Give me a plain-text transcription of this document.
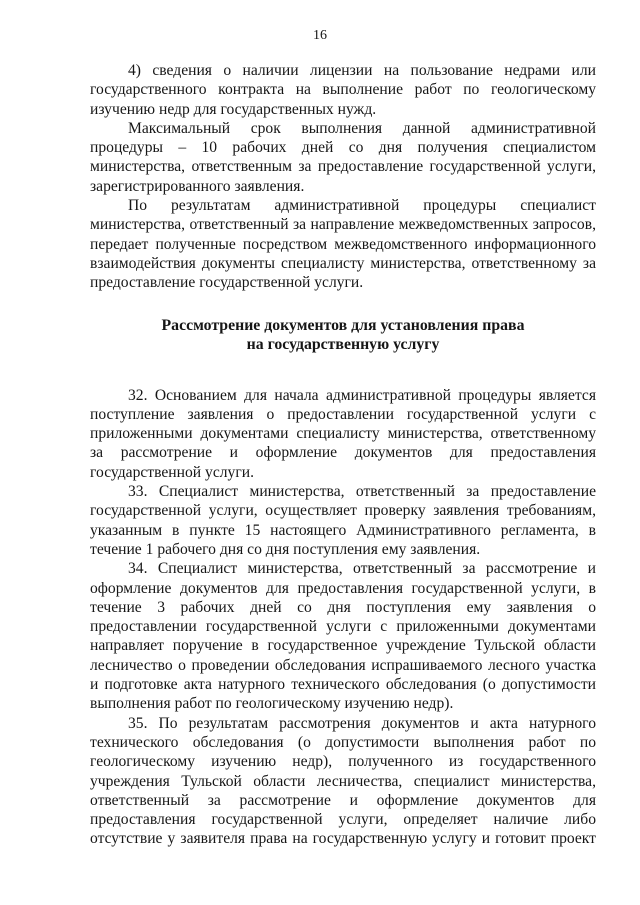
16

4) сведения о наличии лицензии на пользование недрами или государственного контракта на выполнение работ по геологическому изучению недр для государственных нужд.

Максимальный срок выполнения данной административной процедуры – 10 рабочих дней со дня получения специалистом министерства, ответственным за предоставление государственной услуги, зарегистрированного заявления.

По результатам административной процедуры специалист министерства, ответственный за направление межведомственных запросов, передает полученные посредством межведомственного информационного взаимодействия документы специалисту министерства, ответственному за предоставление государственной услуги.

Рассмотрение документов для установления права
на государственную услугу

32. Основанием для начала административной процедуры является поступление заявления о предоставлении государственной услуги с приложенными документами специалисту министерства, ответственному за рассмотрение и оформление документов для предоставления государственной услуги.

33. Специалист министерства, ответственный за предоставление государственной услуги, осуществляет проверку заявления требованиям, указанным в пункте 15 настоящего Административного регламента, в течение 1 рабочего дня со дня поступления ему заявления.

34. Специалист министерства, ответственный за рассмотрение и оформление документов для предоставления государственной услуги, в течение 3 рабочих дней со дня поступления ему заявления о предоставлении государственной услуги с приложенными документами направляет поручение в государственное учреждение Тульской области лесничество о проведении обследования испрашиваемого лесного участка и подготовке акта натурного технического обследования (о допустимости выполнения работ по геологическому изучению недр).

35. По результатам рассмотрения документов и акта натурного технического обследования (о допустимости выполнения работ по геологическому изучению недр), полученного из государственного учреждения Тульской области лесничества, специалист министерства, ответственный за рассмотрение и оформление документов для предоставления государственной услуги, определяет наличие либо отсутствие у заявителя права на государственную услугу и готовит проект
